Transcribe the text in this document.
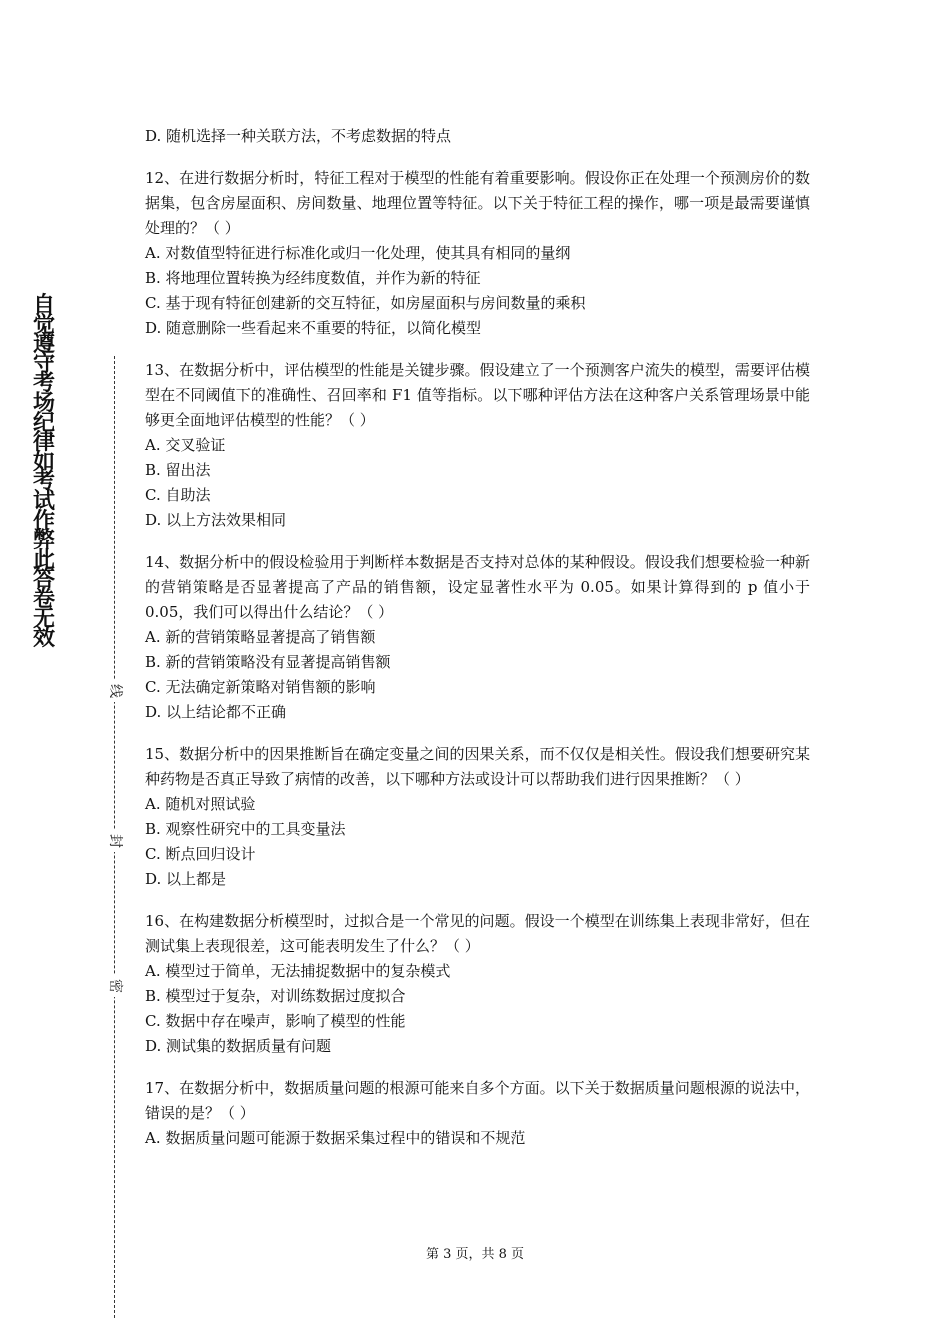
自觉遵守考场纪律如考试作弊此答卷无效
线
封
密

D. 随机选择一种关联方法，不考虑数据的特点

12、在进行数据分析时，特征工程对于模型的性能有着重要影响。假设你正在处理一个预测房价的数据集，包含房屋面积、房间数量、地理位置等特征。以下关于特征工程的操作，哪一项是最需要谨慎处理的？（ ）

A. 对数值型特征进行标准化或归一化处理，使其具有相同的量纲

B. 将地理位置转换为经纬度数值，并作为新的特征

C. 基于现有特征创建新的交互特征，如房屋面积与房间数量的乘积

D. 随意删除一些看起来不重要的特征，以简化模型

13、在数据分析中，评估模型的性能是关键步骤。假设建立了一个预测客户流失的模型，需要评估模型在不同阈值下的准确性、召回率和 F1 值等指标。以下哪种评估方法在这种客户关系管理场景中能够更全面地评估模型的性能？（ ）

A. 交叉验证

B. 留出法

C. 自助法

D. 以上方法效果相同

14、数据分析中的假设检验用于判断样本数据是否支持对总体的某种假设。假设我们想要检验一种新的营销策略是否显著提高了产品的销售额，设定显著性水平为 0.05。如果计算得到的 p 值小于 0.05，我们可以得出什么结论？（ ）

A. 新的营销策略显著提高了销售额

B. 新的营销策略没有显著提高销售额

C. 无法确定新策略对销售额的影响

D. 以上结论都不正确

15、数据分析中的因果推断旨在确定变量之间的因果关系，而不仅仅是相关性。假设我们想要研究某种药物是否真正导致了病情的改善，以下哪种方法或设计可以帮助我们进行因果推断？（ ）

A. 随机对照试验

B. 观察性研究中的工具变量法

C. 断点回归设计

D. 以上都是

16、在构建数据分析模型时，过拟合是一个常见的问题。假设一个模型在训练集上表现非常好，但在测试集上表现很差，这可能表明发生了什么？（ ）

A. 模型过于简单，无法捕捉数据中的复杂模式

B. 模型过于复杂，对训练数据过度拟合

C. 数据中存在噪声，影响了模型的性能

D. 测试集的数据质量有问题

17、在数据分析中，数据质量问题的根源可能来自多个方面。以下关于数据质量问题根源的说法中，错误的是？（ ）

A. 数据质量问题可能源于数据采集过程中的错误和不规范

第 3 页，共 8 页
